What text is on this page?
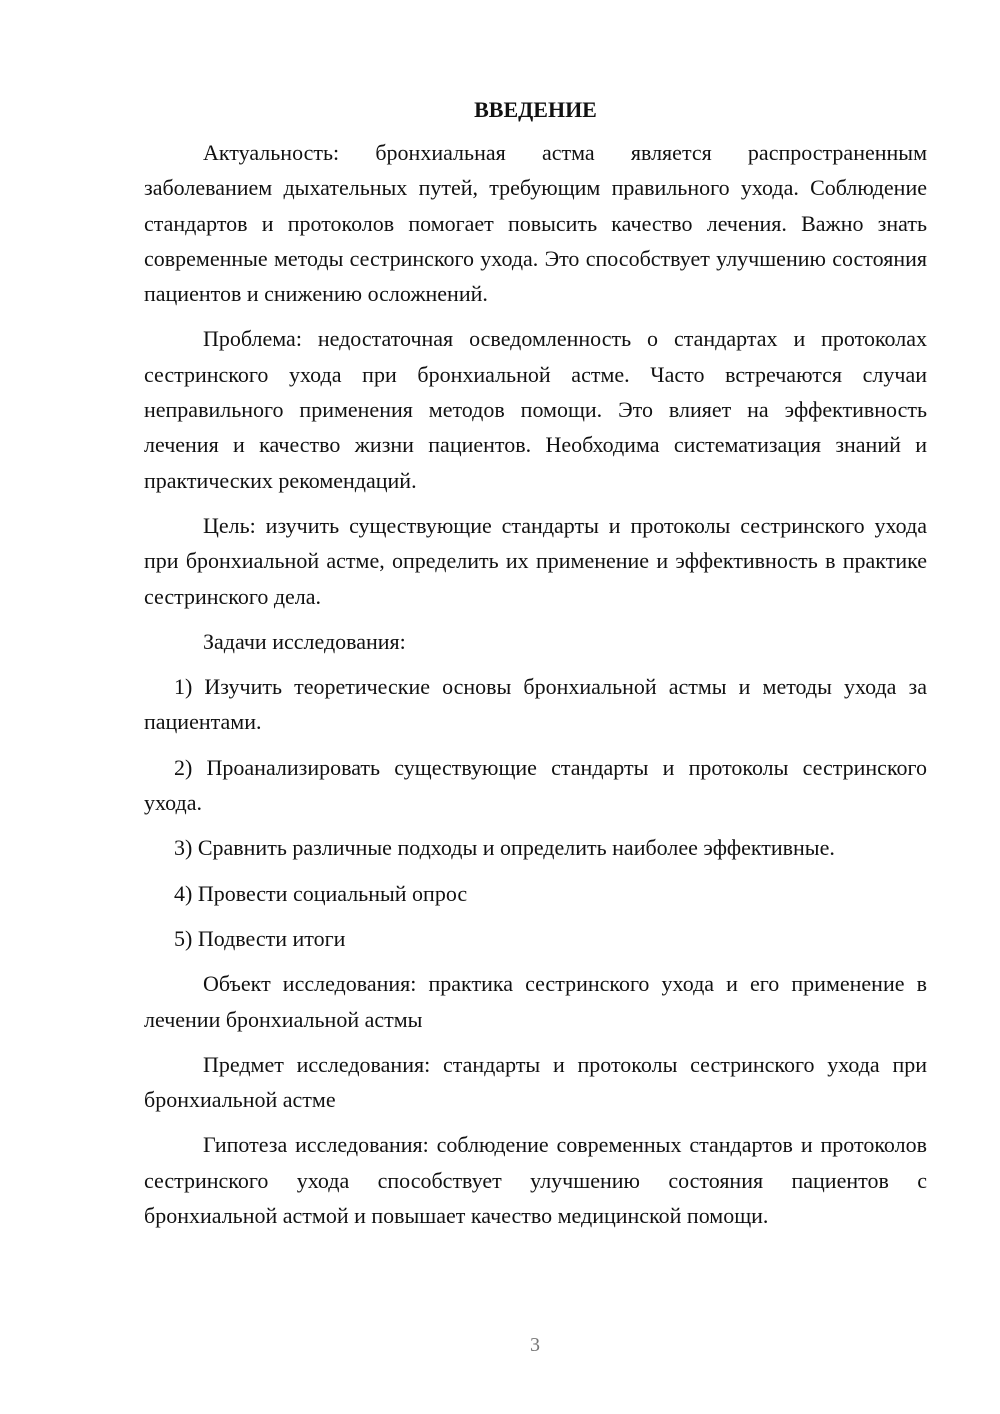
ВВЕДЕНИЕ

Актуальность: бронхиальная астма является распространенным заболеванием дыхательных путей, требующим правильного ухода. Соблюдение стандартов и протоколов помогает повысить качество лечения. Важно знать современные методы сестринского ухода. Это способствует улучшению состояния пациентов и снижению осложнений.

Проблема: недостаточная осведомленность о стандартах и протоколах сестринского ухода при бронхиальной астме. Часто встречаются случаи неправильного применения методов помощи. Это влияет на эффективность лечения и качество жизни пациентов. Необходима систематизация знаний и практических рекомендаций.

Цель: изучить существующие стандарты и протоколы сестринского ухода при бронхиальной астме, определить их применение и эффективность в практике сестринского дела.

Задачи исследования:

1) Изучить теоретические основы бронхиальной астмы и методы ухода за пациентами.

2) Проанализировать существующие стандарты и протоколы сестринского ухода.

3) Сравнить различные подходы и определить наиболее эффективные.

4) Провести социальный опрос

5) Подвести итоги

Объект исследования: практика сестринского ухода и его применение в лечении бронхиальной астмы

Предмет исследования: стандарты и протоколы сестринского ухода при бронхиальной астме

Гипотеза исследования: соблюдение современных стандартов и протоколов сестринского ухода способствует улучшению состояния пациентов с бронхиальной астмой и повышает качество медицинской помощи.

3
